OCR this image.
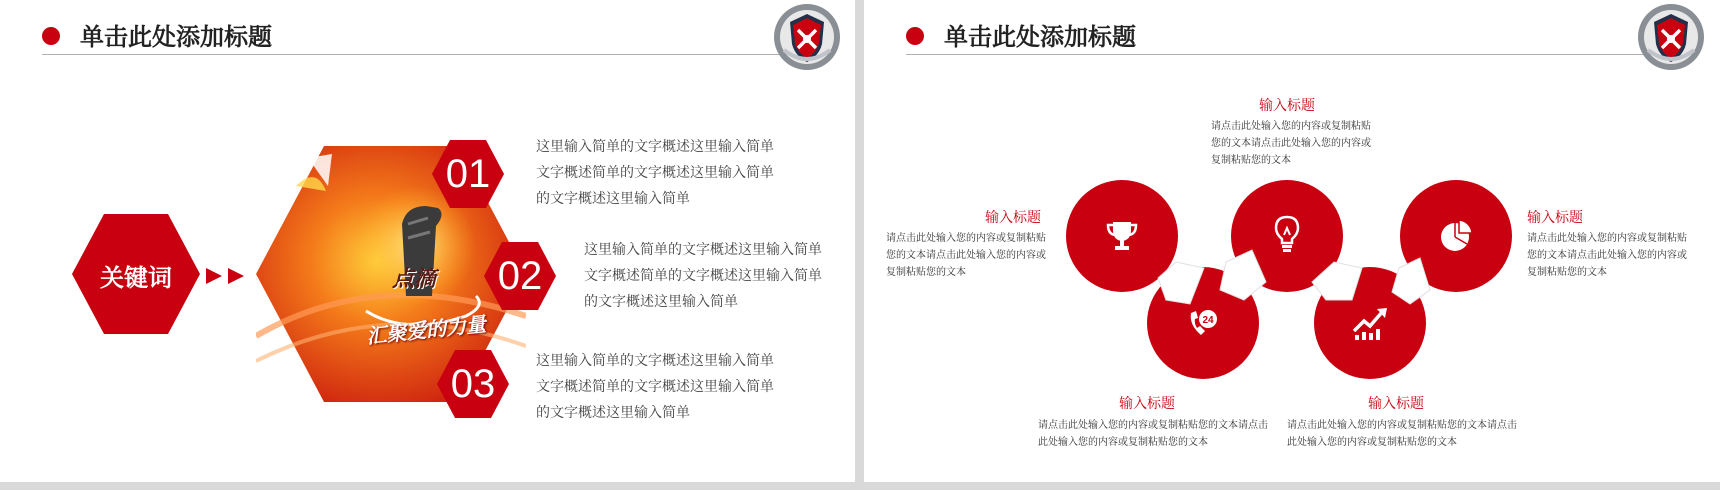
单击此处添加标题
关键词	点滴
汇聚爱的力量
01
02
03
这里输入简单的文字概述这里输入简单
文字概述简单的文字概述这里输入简单
的文字概述这里输入简单
这里输入简单的文字概述这里输入简单
文字概述简单的文字概述这里输入简单
的文字概述这里输入简单
这里输入简单的文字概述这里输入简单
文字概述简单的文字概述这里输入简单
的文字概述这里输入简单
单击此处添加标题
24
输入标题
请点击此处输入您的内容或复制粘贴
您的文本请点击此处输入您的内容或
复制粘贴您的文本
输入标题
请点击此处输入您的内容或复制粘贴
您的文本请点击此处输入您的内容或
复制粘贴您的文本
输入标题
请点击此处输入您的内容或复制粘贴
您的文本请点击此处输入您的内容或
复制粘贴您的文本
输入标题
请点击此处输入您的内容或复制粘贴您的文本请点击
此处输入您的内容或复制粘贴您的文本
输入标题
请点击此处输入您的内容或复制粘贴您的文本请点击
此处输入您的内容或复制粘贴您的文本
